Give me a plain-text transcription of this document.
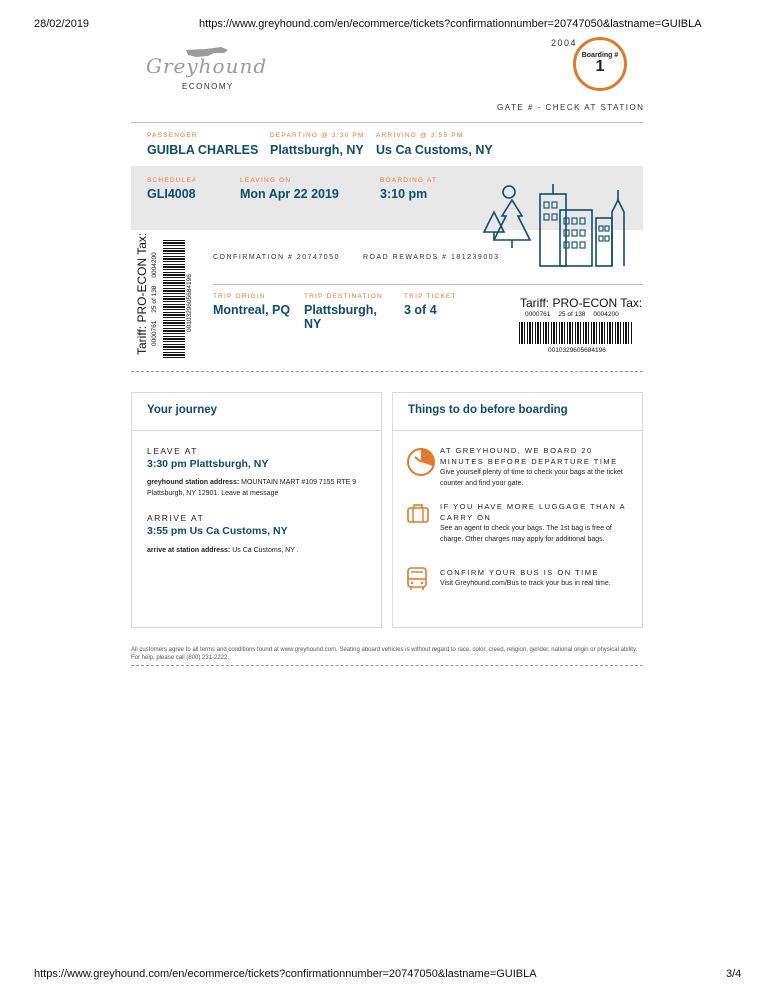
28/02/2019	https://www.greyhound.com/en/ecommerce/tickets?confirmationnumber=20747050&lastname=GUIBLA
2004
Boarding #
1
Greyhound
ECONOMY
GATE # - CHECK AT STATION
PASSENGER
GUIBLA CHARLES
DEPARTING @ 3:30 PM
Plattsburgh, NY
ARRIVING @ 3:55 PM
Us Ca Customs, NY
SCHEDULE#
GLI4008
LEAVING ON
Mon Apr 22 2019
BOARDING AT
3:10 pm
Tariff: PRO-ECON Tax: 0000761
25 of 138
0004200
0010329605684196
CONFIRMATION # 20747050	ROAD REWARDS # 181239003
TRIP ORIGIN
Montreal, PQ
TRIP DESTINATION
Plattsburgh, NY
TRIP TICKET
3 of 4	Tariff: PRO-ECON Tax:
0000761 25 of 138 0004200
0010329605684196
Your journey
LEAVE AT
3:30 pm Plattsburgh, NY
greyhound station address: MOUNTAIN MART #109 7155 RTE 9 Plattsburgh, NY 12901. Leave at message
ARRIVE AT
3:55 pm Us Ca Customs, NY
arrive at station address: Us Ca Customs, NY .
Things to do before boarding
AT GREYHOUND, WE BOARD 20 MINUTES BEFORE DEPARTURE TIME
Give yourself plenty of time to check your bags at the ticket counter and find your gate.
IF YOU HAVE MORE LUGGAGE THAN A CARRY ON
See an agent to check your bags. The 1st bag is free of charge. Other charges may apply for additional bags.
CONFIRM YOUR BUS IS ON TIME
Visit Greyhound.com/Bus to track your bus in real time.
All customers agree to all terms and conditions found at www.greyhound.com. Seating aboard vehicles is without regard to race, color, creed, religion, gender, national origin or physical ability. For help, please call (800) 231-2222.
https://www.greyhound.com/en/ecommerce/tickets?confirmationnumber=20747050&lastname=GUIBLA	3/4
